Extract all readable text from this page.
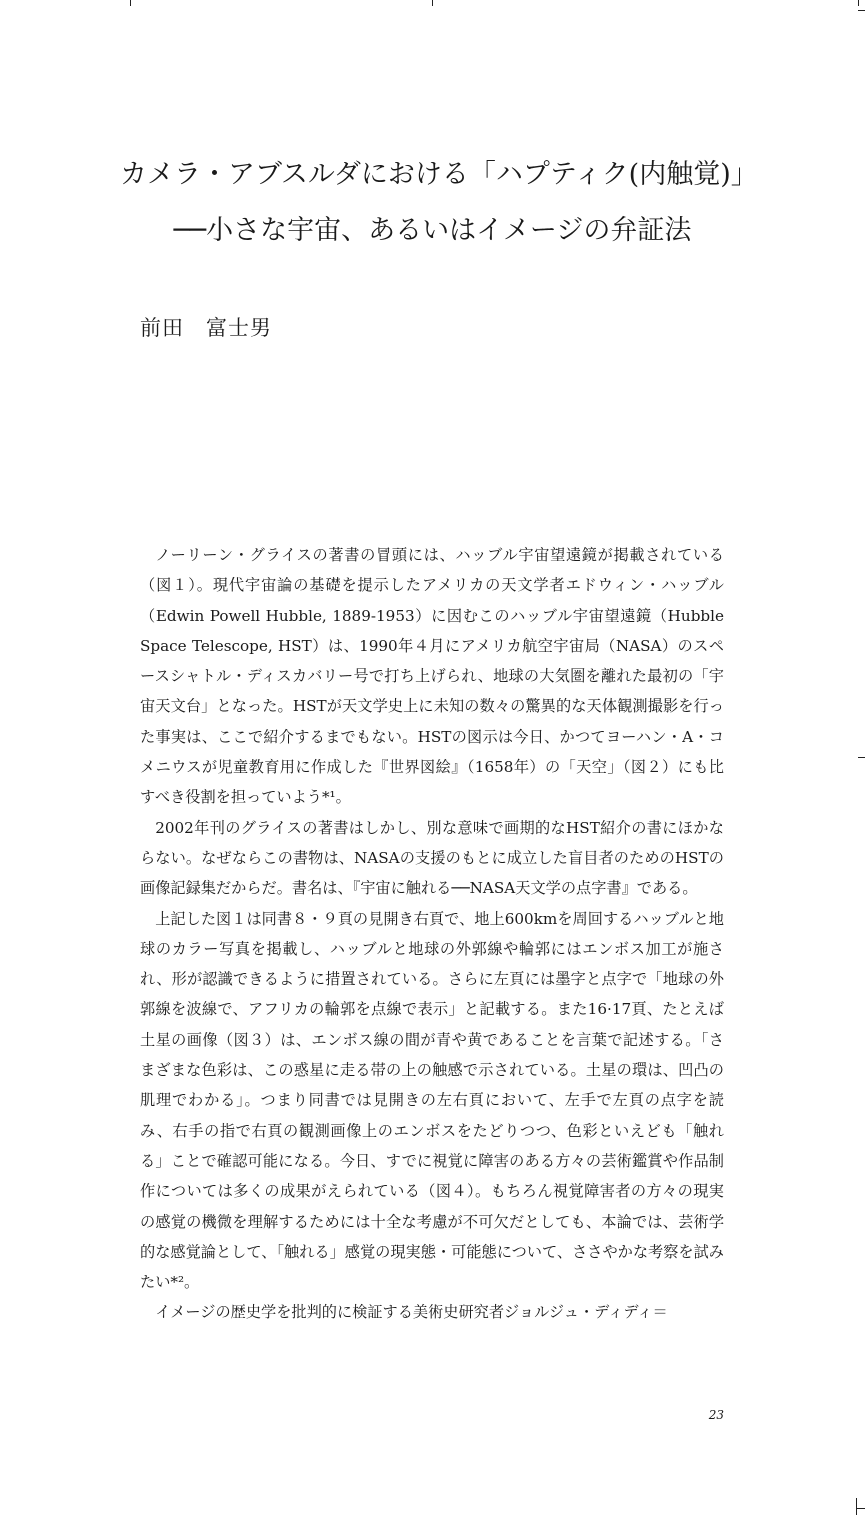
カメラ・アブスルダにおける「ハプティク(内触覚)」
──小さな宇宙、あるいはイメージの弁証法
前田　富士男

ノーリーン・グライスの著書の冒頭には、ハッブル宇宙望遠鏡が掲載されている（図１）。現代宇宙論の基礎を提示したアメリカの天文学者エドウィン・ハッブル（Edwin Powell Hubble, 1889-1953）に因むこのハッブル宇宙望遠鏡（Hubble Space Telescope, HST）は、1990年４月にアメリカ航空宇宙局（NASA）のスペースシャトル・ディスカバリー号で打ち上げられ、地球の大気圏を離れた最初の「宇宙天文台」となった。HSTが天文学史上に未知の数々の驚異的な天体観測撮影を行った事実は、ここで紹介するまでもない。HSTの図示は今日、かつてヨーハン・A・コメニウスが児童教育用に作成した『世界図絵』（1658年）の「天空」（図２）にも比すべき役割を担っていよう*¹。

2002年刊のグライスの著書はしかし、別な意味で画期的なHST紹介の書にほかならない。なぜならこの書物は、NASAの支援のもとに成立した盲目者のためのHSTの画像記録集だからだ。書名は、『宇宙に触れる──NASA天文学の点字書』である。

上記した図１は同書８・９頁の見開き右頁で、地上600kmを周回するハッブルと地球のカラー写真を掲載し、ハッブルと地球の外郭線や輪郭にはエンボス加工が施され、形が認識できるように措置されている。さらに左頁には墨字と点字で「地球の外郭線を波線で、アフリカの輪郭を点線で表示」と記載する。また16·17頁、たとえば土星の画像（図３）は、エンボス線の間が青や黄であることを言葉で記述する。「さまざまな色彩は、この惑星に走る帯の上の触感で示されている。土星の環は、凹凸の肌理でわかる」。つまり同書では見開きの左右頁において、左手で左頁の点字を読み、右手の指で右頁の観測画像上のエンボスをたどりつつ、色彩といえども「触れる」ことで確認可能になる。今日、すでに視覚に障害のある方々の芸術鑑賞や作品制作については多くの成果がえられている（図４）。もちろん視覚障害者の方々の現実の感覚の機微を理解するためには十全な考慮が不可欠だとしても、本論では、芸術学的な感覚論として、「触れる」感覚の現実態・可能態について、ささやかな考察を試みたい*²。

イメージの歴史学を批判的に検証する美術史研究者ジョルジュ・ディディ＝

23
